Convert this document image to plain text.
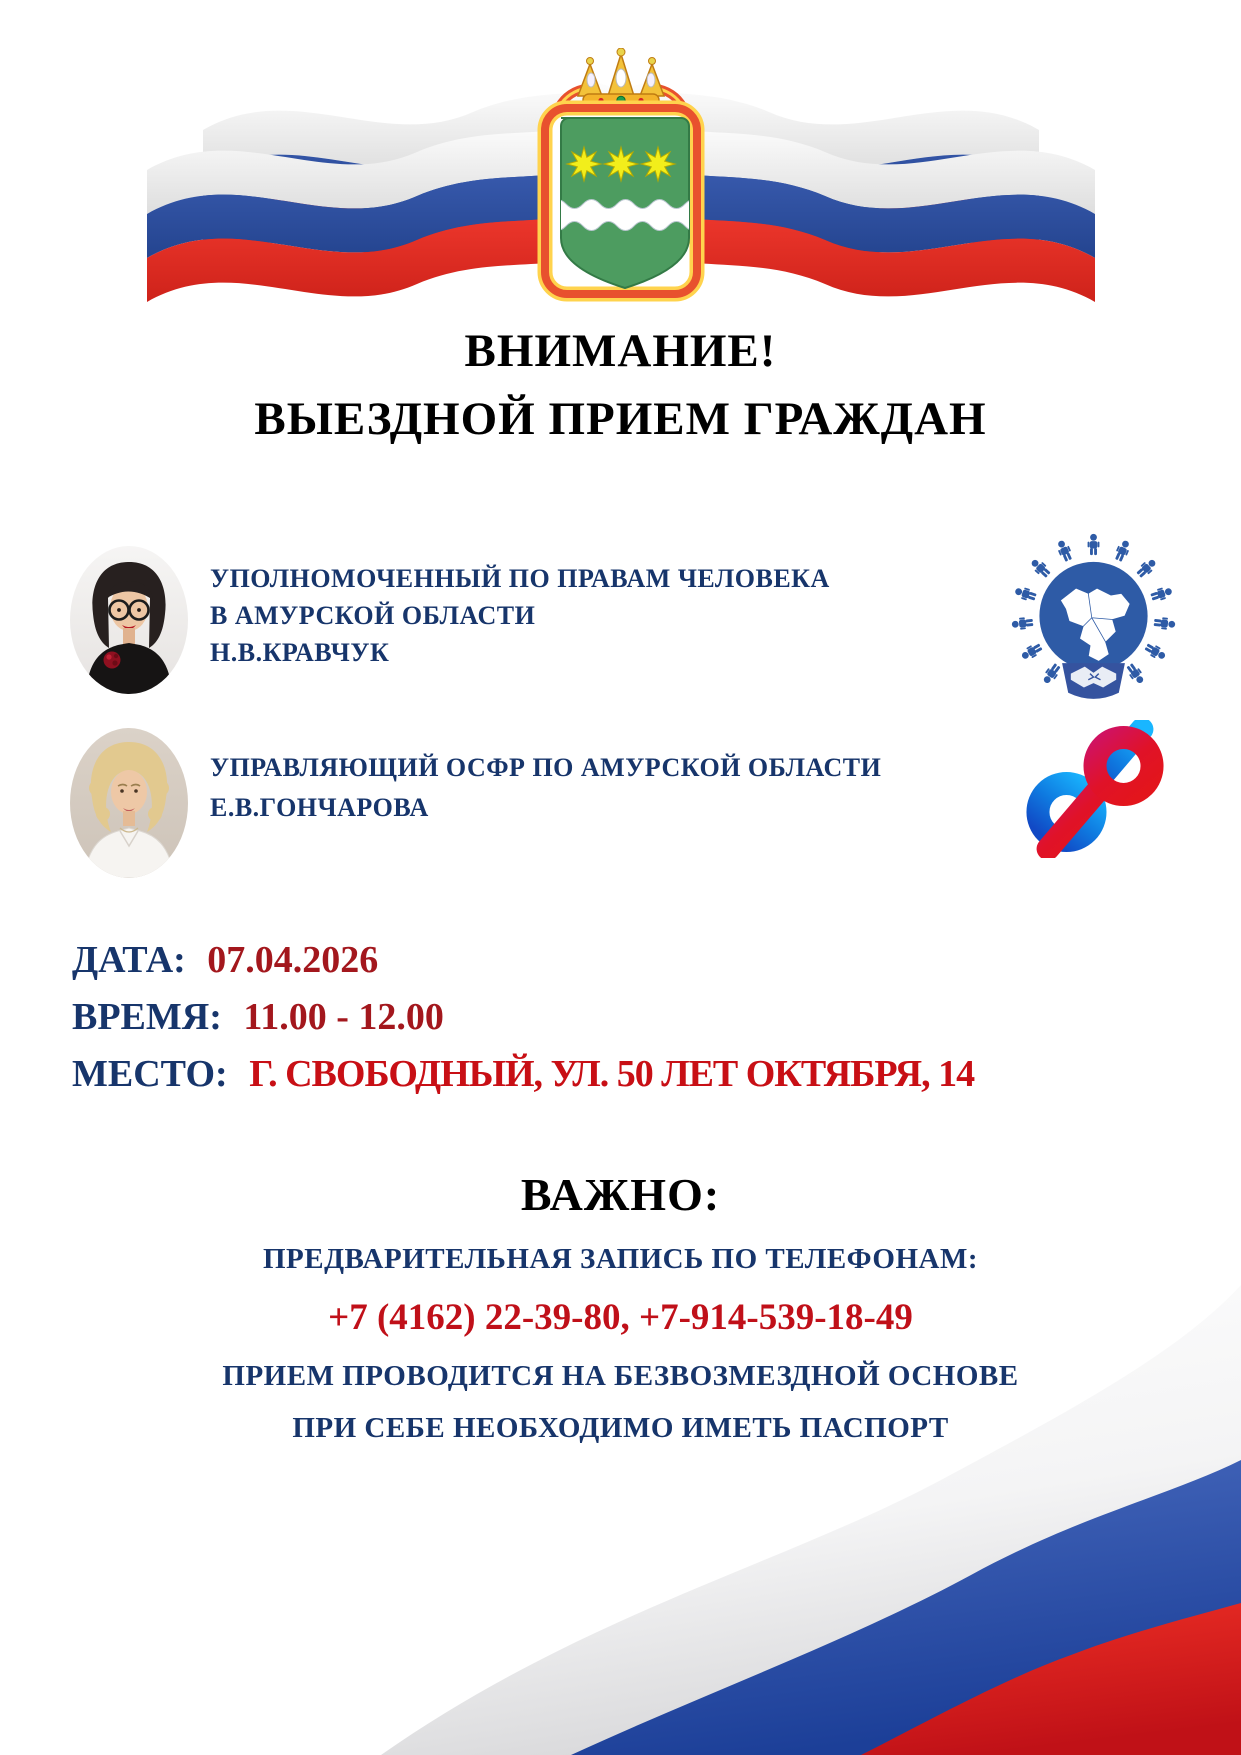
ВНИМАНИЕ!
ВЫЕЗДНОЙ ПРИЕМ ГРАЖДАН
УПОЛНОМОЧЕННЫЙ ПО ПРАВАМ ЧЕЛОВЕКА
В АМУРСКОЙ ОБЛАСТИ
Н.В.КРАВЧУК
УПРАВЛЯЮЩИЙ ОСФР ПО АМУРСКОЙ ОБЛАСТИ
Е.В.ГОНЧАРОВА
ДАТА: 07.04.2026
ВРЕМЯ: 11.00 - 12.00
МЕСТО: Г. СВОБОДНЫЙ, УЛ. 50 ЛЕТ ОКТЯБРЯ, 14
ВАЖНО:
ПРЕДВАРИТЕЛЬНАЯ ЗАПИСЬ ПО ТЕЛЕФОНАМ:
+7 (4162) 22-39-80, +7-914-539-18-49
ПРИЕМ ПРОВОДИТСЯ НА БЕЗВОЗМЕЗДНОЙ ОСНОВЕ
ПРИ СЕБЕ НЕОБХОДИМО ИМЕТЬ ПАСПОРТ
